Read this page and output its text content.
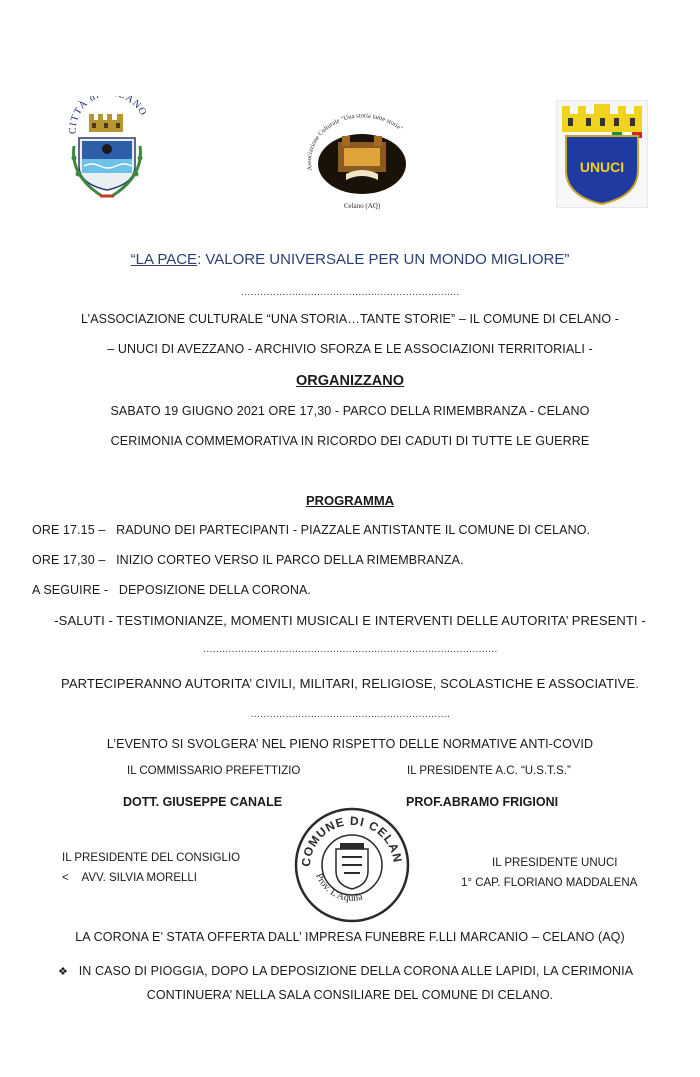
CITTÀ d ANO
Associazione Culturale "Una storia tante storie"
Celano (AQ)
UNUCI
“LA PACE: VALORE UNIVERSALE PER UN MONDO MIGLIORE”
……………………………………………………………
L’ASSOCIAZIONE CULTURALE “UNA STORIA…TANTE STORIE” – IL COMUNE DI CELANO -
– UNUCI DI AVEZZANO - ARCHIVIO SFORZA E LE ASSOCIAZIONI TERRITORIALI -
ORGANIZZANO
SABATO 19 GIUGNO 2021 ORE 17,30 - PARCO DELLA RIMEMBRANZA - CELANO
CERIMONIA COMMEMORATIVA IN RICORDO DEI CADUTI DI TUTTE LE GUERRE
PROGRAMMA
ORE 17.15 – RADUNO DEI PARTECIPANTI - PIAZZALE ANTISTANTE IL COMUNE DI CELANO.
ORE 17,30 – INIZIO CORTEO VERSO IL PARCO DELLA RIMEMBRANZA.
A SEGUIRE - DEPOSIZIONE DELLA CORONA.
-SALUTI - TESTIMONIANZE, MOMENTI MUSICALI E INTERVENTI DELLE AUTORITA’ PRESENTI -
…………………………………………………………………………………
PARTECIPERANNO AUTORITA’ CIVILI, MILITARI, RELIGIOSE, SCOLASTICHE E ASSOCIATIVE.
………………………………………………………
L’EVENTO SI SVOLGERA’ NEL PIENO RISPETTO DELLE NORMATIVE ANTI-COVID
IL COMMISSARIO PREFETTIZIO
DOTT. GIUSEPPE CANALE
IL PRESIDENTE A.C. “U.S.T.S.”
PROF.ABRAMO FRIGIONI
IL PRESIDENTE DEL CONSIGLIO
< AVV. SILVIA MORELLI
IL PRESIDENTE UNUCI
1° CAP. FLORIANO MADDALENA
COMUNE DI CELAN
Prov. L'Aquila
LA CORONA E’ STATA OFFERTA DALL’ IMPRESA FUNEBRE F.LLI MARCANIO – CELANO (AQ)
❖ IN CASO DI PIOGGIA, DOPO LA DEPOSIZIONE DELLA CORONA ALLE LAPIDI, LA CERIMONIA
CONTINUERA’ NELLA SALA CONSILIARE DEL COMUNE DI CELANO.
